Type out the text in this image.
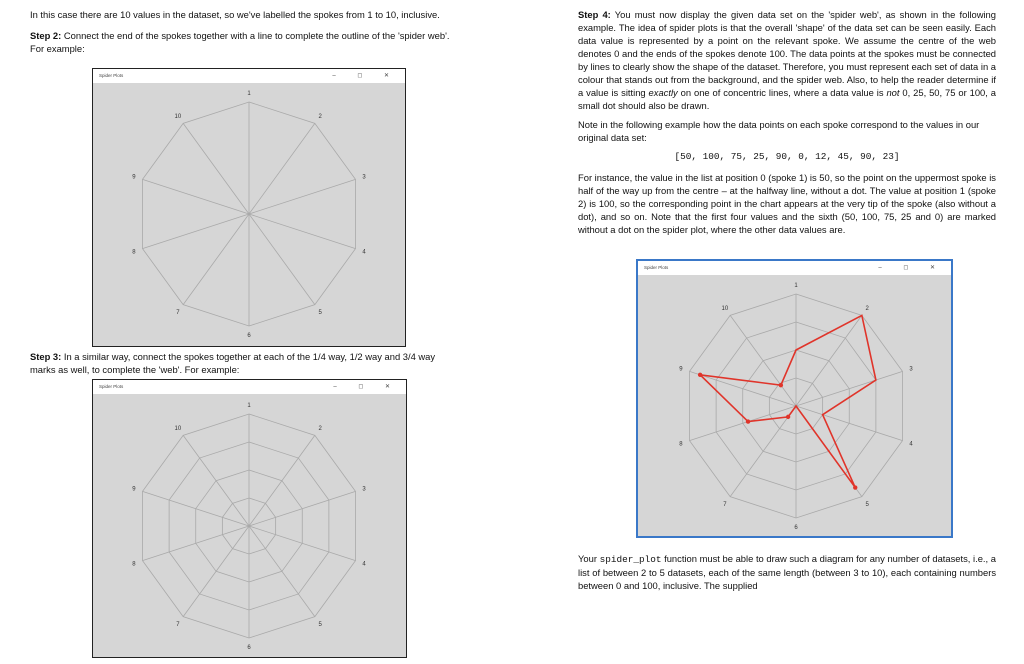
In this case there are 10 values in the dataset, so we've labelled the spokes from 1 to 10, inclusive.

Step 2: Connect the end of the spokes together with a line to complete the outline of the 'spider web'. For example:

Step 3: In a similar way, connect the spokes together at each of the 1/4 way, 1/2 way and 3/4 way marks as well, to complete the 'web'. For example:

Step 4: You must now display the given data set on the 'spider web', as shown in the following example. The idea of spider plots is that the overall 'shape' of the data set can be seen easily. Each data value is represented by a point on the relevant spoke. We assume the centre of the web denotes 0 and the ends of the spokes denote 100. The data points at the spokes must be connected by lines to clearly show the shape of the dataset. Therefore, you must represent each set of data in a colour that stands out from the background, and the spider web. Also, to help the reader determine if a value is sitting exactly on one of concentric lines, where a data value is not 0, 25, 50, 75 or 100, a small dot should also be drawn.

Note in the following example how the data points on each spoke correspond to the values in our original data set:

[50, 100, 75, 25, 90, 0, 12, 45, 90, 23]

For instance, the value in the list at position 0 (spoke 1) is 50, so the point on the uppermost spoke is half of the way up from the centre – at the halfway line, without a dot. The value at position 1 (spoke 2) is 100, so the corresponding point in the chart appears at the very tip of the spoke (also without a dot), and so on. Note that the first four values and the sixth (50, 100, 75, 25 and 0) are marked without a dot on the spider plot, where the other data values are.

Your spider_plot function must be able to draw such a diagram for any number of datasets, i.e., a list of between 2 to 5 datasets, each of the same length (between 3 to 10), each containing numbers between 0 and 100, inclusive. The supplied

Spider Plots	– ◻ ✕
1
2
3
4
5
6
7
8
9
10
Spider Plots	– ◻ ✕
1
2
3
4
5
6
7
8
9
10
Spider Plots	– ◻ ✕
1
2
3
4
5
6
7
8
9
10
